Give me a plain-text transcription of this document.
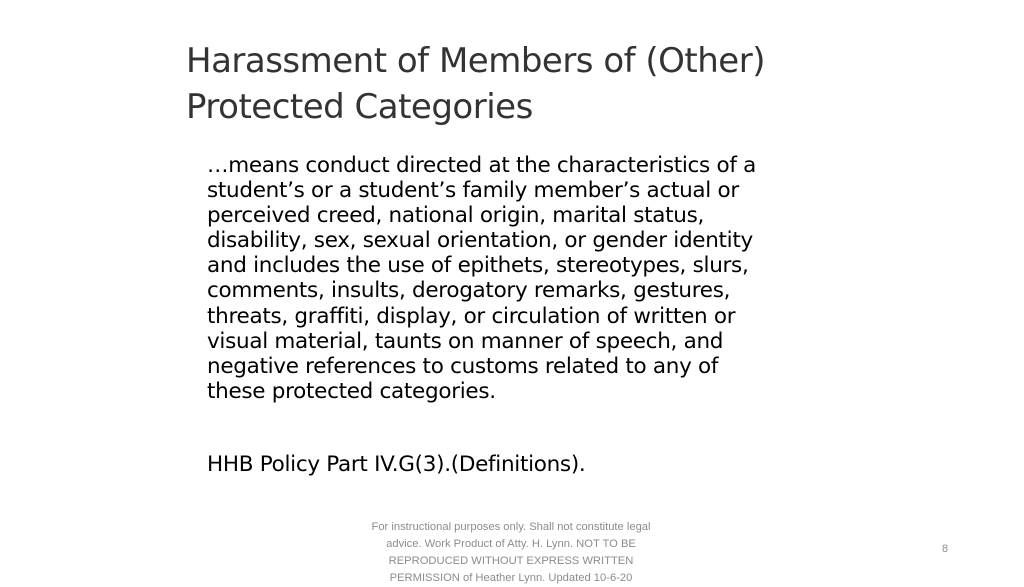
Harassment of Members of (Other)
Protected Categories
…means conduct directed at the characteristics of a
student’s or a student’s family member’s actual or
perceived creed, national origin, marital status,
disability, sex, sexual orientation, or gender identity
and includes the use of epithets, stereotypes, slurs,
comments, insults, derogatory remarks, gestures,
threats, graffiti, display, or circulation of written or
visual material, taunts on manner of speech, and
negative references to customs related to any of
these protected categories.
HHB Policy Part IV.G(3).(Definitions).
For instructional purposes only. Shall not constitute legal
advice. Work Product of Atty. H. Lynn. NOT TO BE
REPRODUCED WITHOUT EXPRESS WRITTEN
PERMISSION of Heather Lynn. Updated 10-6-20
8
